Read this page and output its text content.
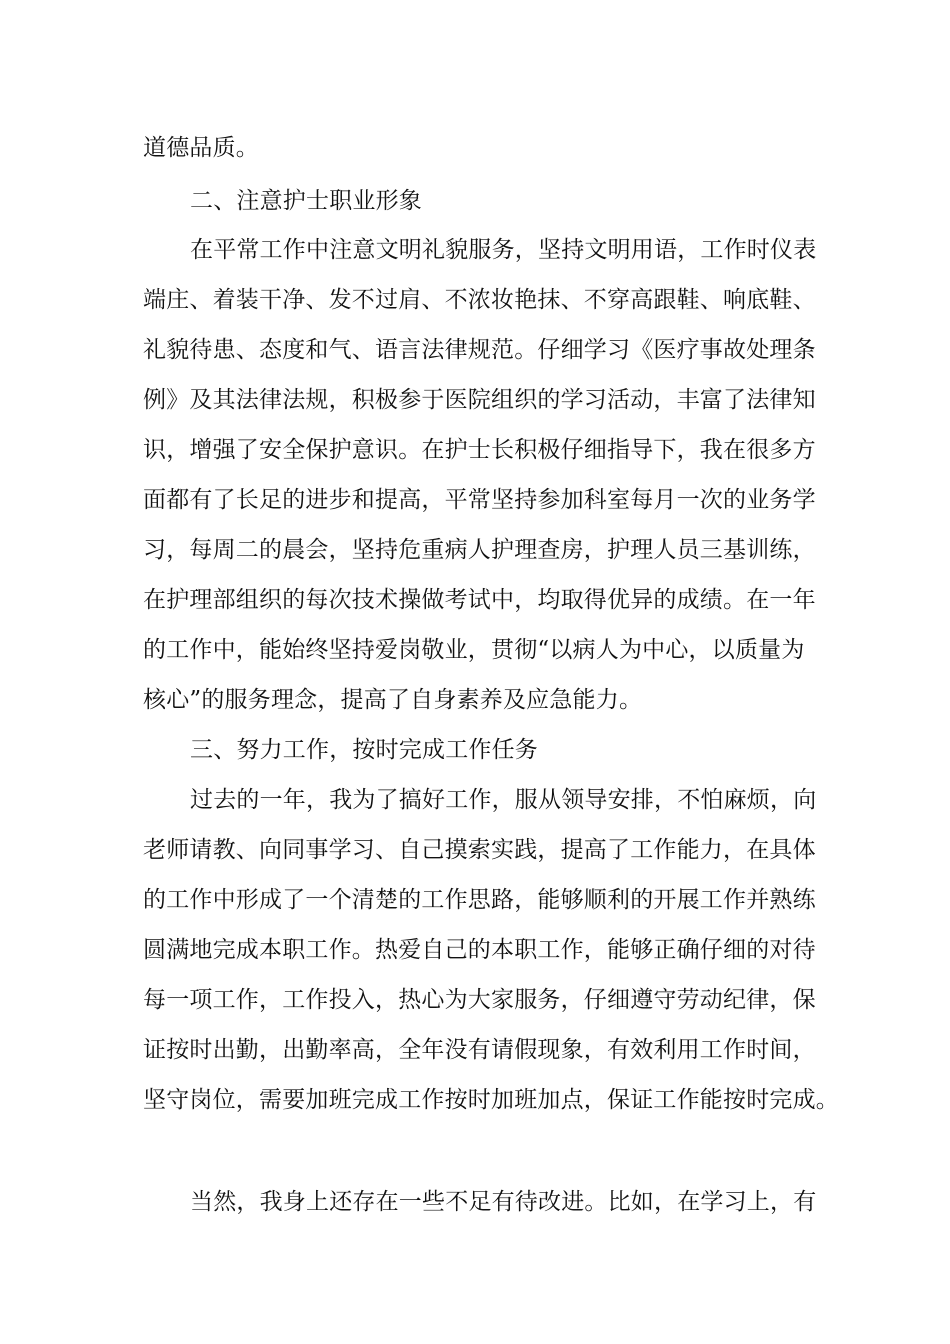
道德品质。
二、注意护士职业形象
在平常工作中注意文明礼貌服务，坚持文明用语，工作时仪表
端庄、着装干净、发不过肩、不浓妆艳抹、不穿高跟鞋、响底鞋、
礼貌待患、态度和气、语言法律规范。仔细学习《医疗事故处理条
例》及其法律法规，积极参于医院组织的学习活动，丰富了法律知
识，增强了安全保护意识。在护士长积极仔细指导下，我在很多方
面都有了长足的进步和提高，平常坚持参加科室每月一次的业务学
习，每周二的晨会，坚持危重病人护理查房，护理人员三基训练，
在护理部组织的每次技术操做考试中，均取得优异的成绩。在一年
的工作中，能始终坚持爱岗敬业，贯彻“以病人为中心，以质量为
核心”的服务理念，提高了自身素养及应急能力。
三、努力工作，按时完成工作任务
过去的一年，我为了搞好工作，服从领导安排，不怕麻烦，向
老师请教、向同事学习、自己摸索实践，提高了工作能力，在具体
的工作中形成了一个清楚的工作思路，能够顺利的开展工作并熟练
圆满地完成本职工作。热爱自己的本职工作，能够正确仔细的对待
每一项工作，工作投入，热心为大家服务，仔细遵守劳动纪律，保
证按时出勤，出勤率高，全年没有请假现象，有效利用工作时间，
坚守岗位，需要加班完成工作按时加班加点，保证工作能按时完成。
当然，我身上还存在一些不足有待改进。比如，在学习上，有
